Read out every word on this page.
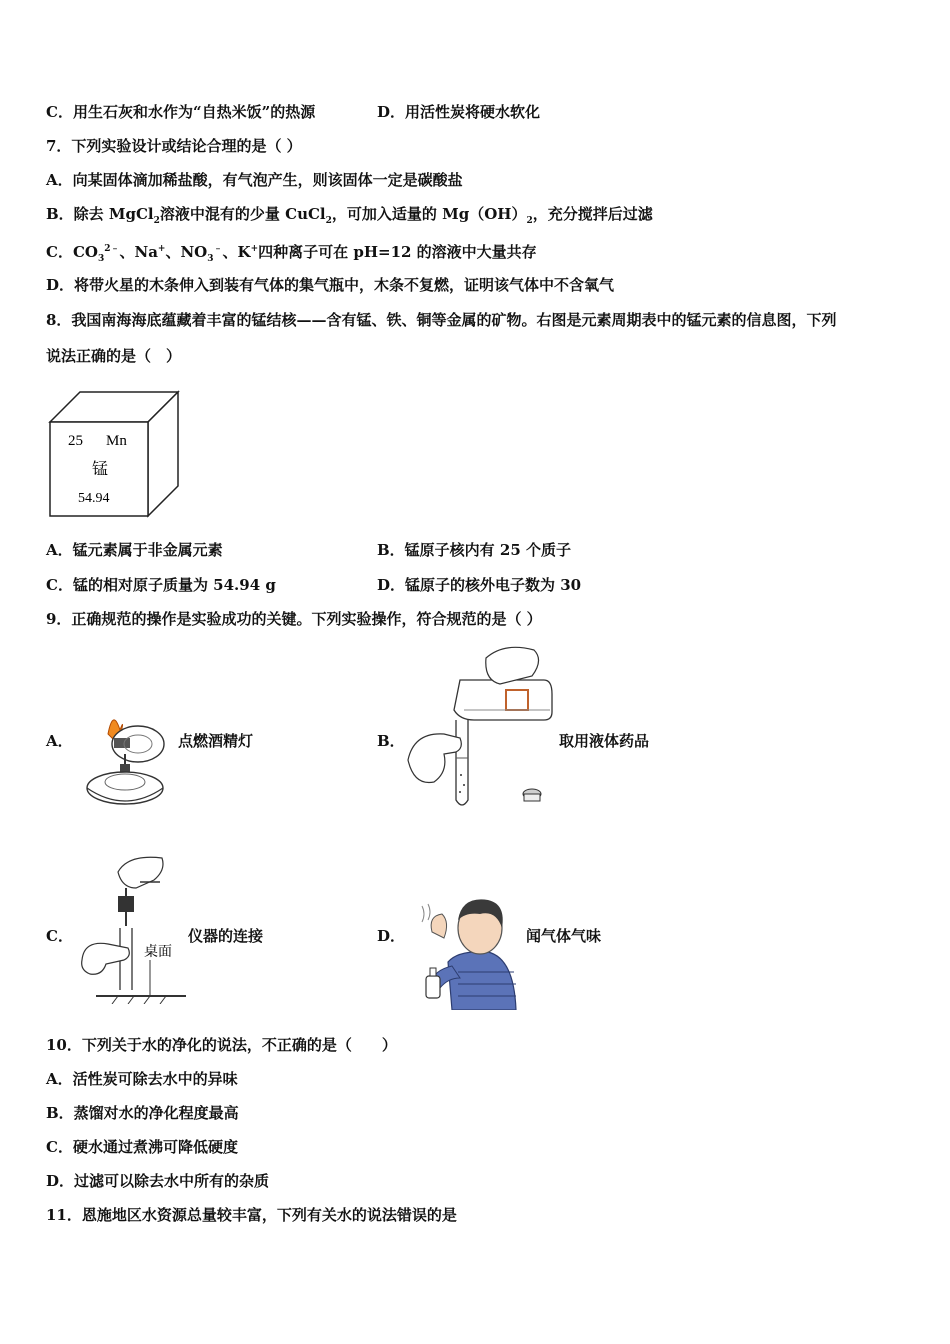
C．用生石灰和水作为“自热米饭”的热源	D．用活性炭将硬水软化
7．下列实验设计或结论合理的是（ ）
A．向某固体滴加稀盐酸，有气泡产生，则该固体一定是碳酸盐
B．除去 MgCl$_2$溶液中混有的少量 CuCl$_2$，可加入适量的 $Mg(OH)_2$，充分搅拌后过滤
C．$CO_3^{2﹣}$、Na+、$NO_3^﹣$、K+四种离子可在 pH=12 的溶液中大量共存
D．将带火星的木条伸入到装有气体的集气瓶中，木条不复燃，证明该气体中不含氧气
8．我国南海海底蕴藏着丰富的锰结核——含有锰、铁、铜等金属的矿物。右图是元素周期表中的锰元素的信息图，下列
说法正确的是（　）
25 Mn
锰
54.94
A．锰元素属于非金属元素	B．锰原子核内有 25 个质子
C．锰的相对原子质量为 54.94 g	D．锰原子的核外电子数为 30
9．正确规范的操作是实验成功的关键。下列实验操作，符合规范的是（ ）
A．	点燃酒精灯	B．	取用液体药品
C．
桌面
仪器的连接	D．	闻气体气味
10．下列关于水的净化的说法，不正确的是（　　）
A．活性炭可除去水中的异味
B．蒸馏对水的净化程度最高
C．硬水通过煮沸可降低硬度
D．过滤可以除去水中所有的杂质
11．恩施地区水资源总量较丰富，下列有关水的说法错误的是
